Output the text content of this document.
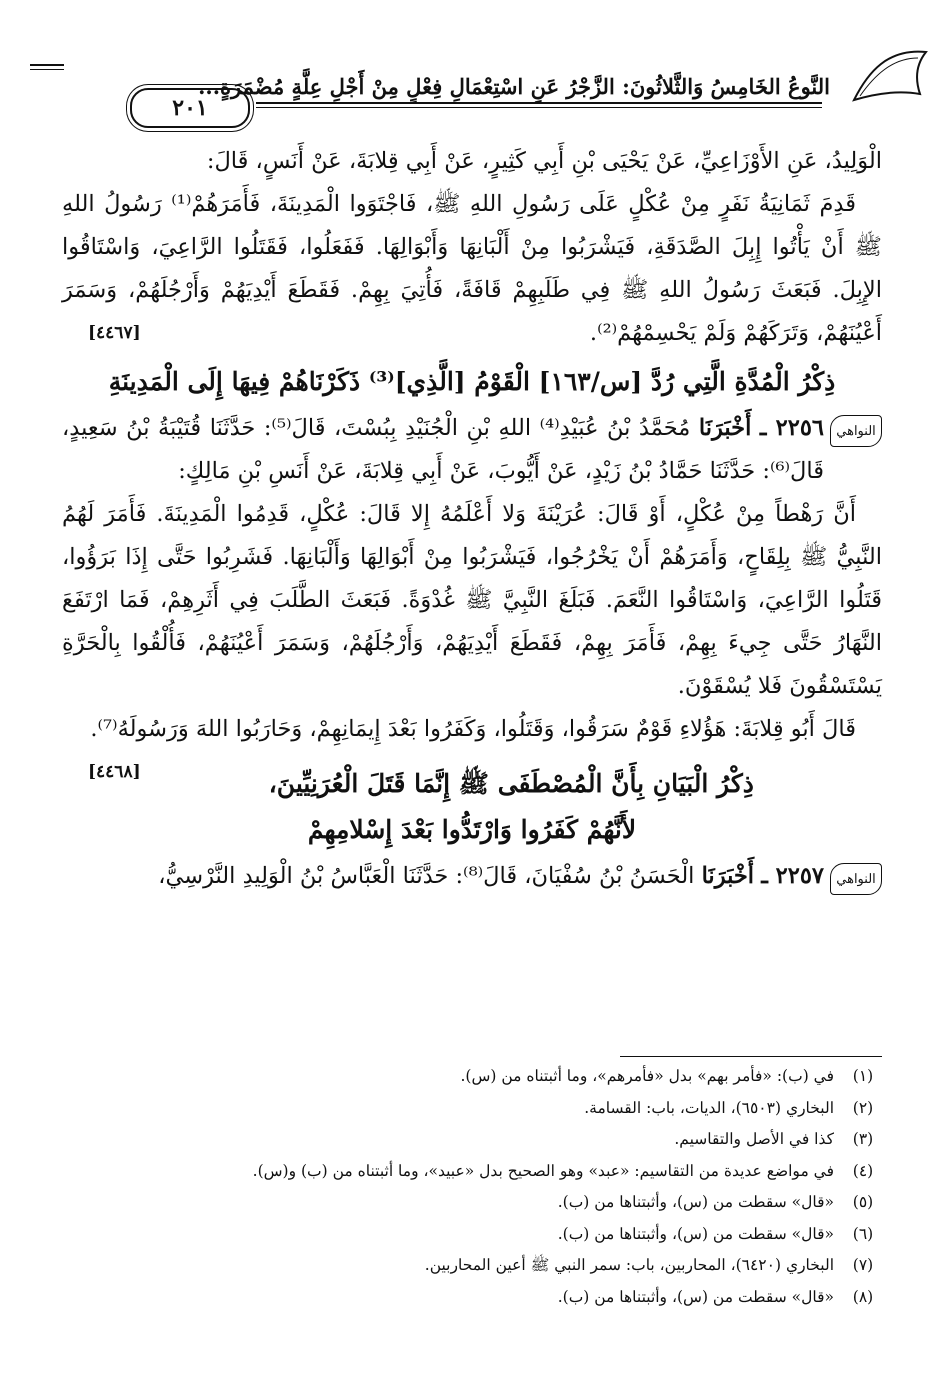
٢٠١
النَّوعُ الخَامِسُ وَالثَّلاثُونَ: الزَّجْرُ عَنِ اسْتِعْمَالِ فِعْلٍ مِنْ أَجْلِ عِلَّةٍ مُضْمَرَةٍ...

الْوَلِيدُ، عَنِ الأَوْزَاعِيِّ، عَنْ يَحْيَى بْنِ أَبِي كَثِيرٍ، عَنْ أَبِي قِلابَةَ، عَنْ أَنَسٍ، قَالَ:

قَدِمَ ثَمَانِيَةُ نَفَرٍ مِنْ عُكْلٍ عَلَى رَسُولِ اللهِ ﷺ، فَاجْتَوَوا الْمَدِينَةَ، فَأَمَرَهُمْ⁽¹⁾ رَسُولُ اللهِ ﷺ أَنْ يَأْتُوا إِبِلَ الصَّدَقَةِ، فَيَشْرَبُوا مِنْ أَلْبَانِهَا وَأَبْوَالِهَا. فَفَعَلُوا، فَقَتَلُوا الرَّاعِيَ، وَاسْتَاقُوا الإِبِلَ. فَبَعَثَ رَسُولُ اللهِ ﷺ فِي طَلَبِهِمْ قَافَةً، فَأُتِيَ بِهِمْ. فَقَطَعَ أَيْدِيَهُمْ وَأَرْجُلَهُمْ، وَسَمَرَ أَعْيُنَهُمْ، وَتَرَكَهُمْ وَلَمْ يَحْسِمْهُمْ⁽²⁾.
[٤٤٦٧]

ذِكْرُ الْمُدَّةِ الَّتِي رُدَّ [س/١٦٣] الْقَوْمُ [الَّذِي]⁽³⁾ ذَكَرْنَاهُمْ فِيهَا إِلَى الْمَدِينَةِ
النواهي

٢٢٥٦ ـ أَخْبَرَنَا مُحَمَّدُ بْنُ عُبَيْدِ⁽⁴⁾ اللهِ بْنِ الْجُنَيْدِ بِبُسْتَ، قَالَ⁽⁵⁾: حَدَّثَنَا قُتَيْبَةُ بْنُ سَعِيدٍ، قَالَ⁽⁶⁾: حَدَّثَنَا حَمَّادُ بْنُ زَيْدٍ، عَنْ أَيُّوبَ، عَنْ أَبِي قِلابَةَ، عَنْ أَنَسِ بْنِ مَالِكٍ:

أَنَّ رَهْطاً مِنْ عُكْلٍ، أَوْ قَالَ: عُرَيْنَةَ وَلا أَعْلَمُهُ إِلا قَالَ: عُكْلٍ، قَدِمُوا الْمَدِينَةَ. فَأَمَرَ لَهُمُ النَّبِيُّ ﷺ بِلِقَاحٍ، وَأَمَرَهُمْ أَنْ يَخْرُجُوا، فَيَشْرَبُوا مِنْ أَبْوَالِهَا وَأَلْبَانِهَا. فَشَرِبُوا حَتَّى إِذَا بَرَؤُوا، قَتَلُوا الرَّاعِيَ، وَاسْتَاقُوا النَّعَمَ. فَبَلَغَ النَّبِيَّ ﷺ غُدْوَةً. فَبَعَثَ الطَّلَبَ فِي أَثَرِهِمْ، فَمَا ارْتَفَعَ النَّهَارُ حَتَّى جِيءَ بِهِمْ، فَأَمَرَ بِهِمْ، فَقَطَعَ أَيْدِيَهُمْ، وَأَرْجُلَهُمْ، وَسَمَرَ أَعْيُنَهُمْ، فَأُلْقُوا بِالْحَرَّةِ يَسْتَسْقُونَ فَلا يُسْقَوْنَ.

قَالَ أَبُو قِلابَةَ: هَؤُلاءِ قَوْمٌ سَرَقُوا، وَقَتَلُوا، وَكَفَرُوا بَعْدَ إِيمَانِهِمْ، وَحَارَبُوا اللهَ وَرَسُولَهُ⁽⁷⁾.
[٤٤٦٨]	ذِكْرُ الْبَيَانِ بِأَنَّ الْمُصْطَفَى ﷺ إِنَّمَا قَتَلَ الْعُرَنِيِّينَ،
لأَنَّهُمْ كَفَرُوا وَارْتَدُّوا بَعْدَ إِسْلامِهِمْ
النواهي

٢٢٥٧ ـ أَخْبَرَنَا الْحَسَنُ بْنُ سُفْيَانَ، قَالَ⁽⁸⁾: حَدَّثَنَا الْعَبَّاسُ بْنُ الْوَلِيدِ النَّرْسِيُّ،

(١)
في (ب): «فأمر بهم» بدل «فأمرهم»، وما أثبتناه من (س).
(٢)
البخاري (٦٥٠٣)، الديات، باب: القسامة.
(٣)
كذا في الأصل والتقاسيم.
(٤)
في مواضع عديدة من التقاسيم: «عبد» وهو الصحيح بدل «عبيد»، وما أثبتناه من (ب) و(س).
(٥)
«قال» سقطت من (س)، وأثبتناها من (ب).
(٦)
«قال» سقطت من (س)، وأثبتناها من (ب).
(٧)
البخاري (٦٤٢٠)، المحاربين، باب: سمر النبي ﷺ أعين المحاربين.
(٨)
«قال» سقطت من (س)، وأثبتناها من (ب).
